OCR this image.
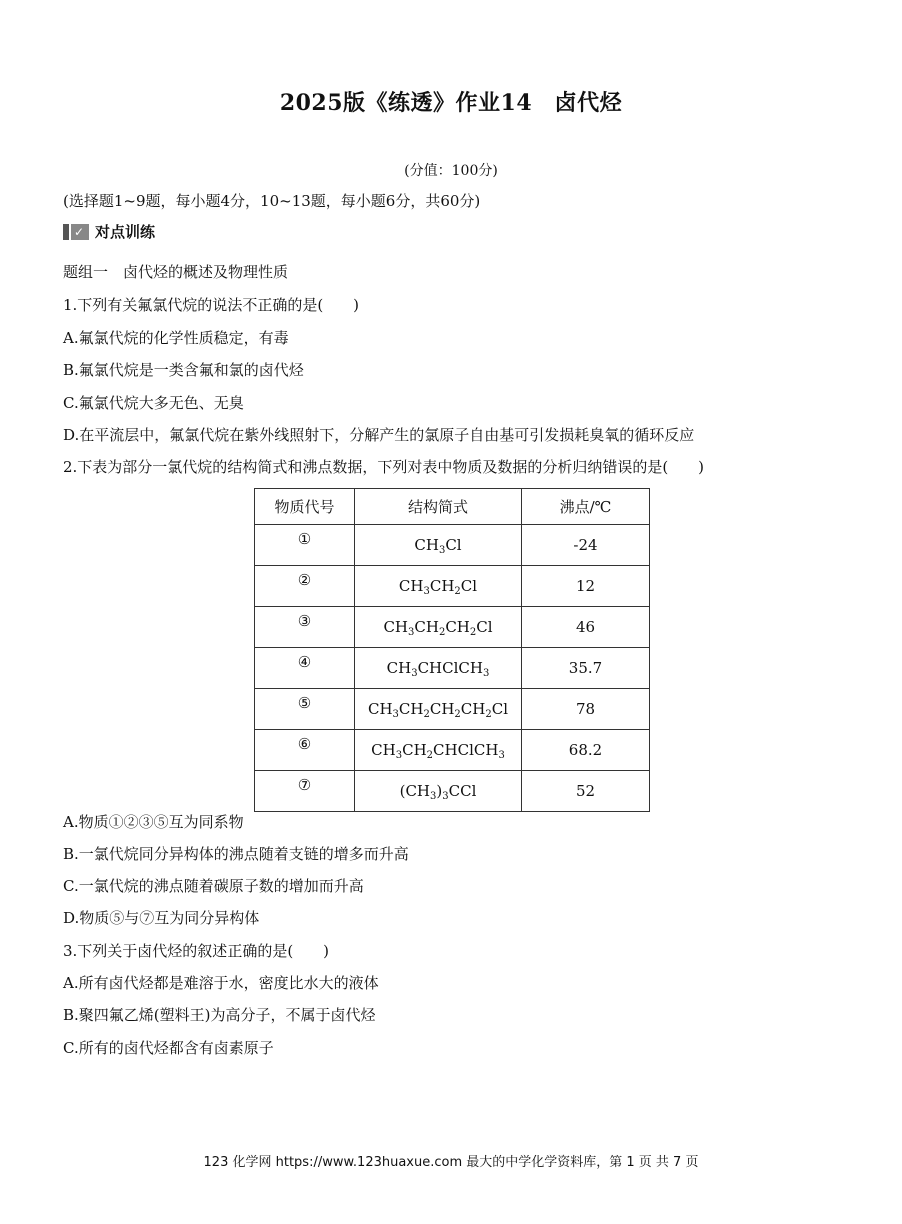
2025版《练透》作业14　卤代烃
(分值：100分)
(选择题1~9题，每小题4分，10~13题，每小题6分，共60分)
✓ 对点训练
题组一　卤代烃的概述及物理性质
1.下列有关氟氯代烷的说法不正确的是(　　)
A.氟氯代烷的化学性质稳定，有毒
B.氟氯代烷是一类含氟和氯的卤代烃
C.氟氯代烷大多无色、无臭
D.在平流层中，氟氯代烷在紫外线照射下，分解产生的氯原子自由基可引发损耗臭氧的循环反应
2.下表为部分一氯代烷的结构简式和沸点数据，下列对表中物质及数据的分析归纳错误的是(　　)
物质代号	结构简式	沸点/℃
①	$CH_3Cl$	-24
②	$CH_3CH_2Cl$	12
③	$CH_3CH_2CH_2Cl$	46
④	$CH_3CHClCH_3$	35.7
⑤	$CH_3CH_2CH_2CH_2Cl$	78
⑥	$CH_3CH_2CHClCH_3$	68.2
⑦	$(CH_3)_3CCl$	52
A.物质①②③⑤互为同系物
B.一氯代烷同分异构体的沸点随着支链的增多而升高
C.一氯代烷的沸点随着碳原子数的增加而升高
D.物质⑤与⑦互为同分异构体
3.下列关于卤代烃的叙述正确的是(　　)
A.所有卤代烃都是难溶于水，密度比水大的液体
B.聚四氟乙烯(塑料王)为高分子，不属于卤代烃
C.所有的卤代烃都含有卤素原子
123 化学网 https://www.123huaxue.com 最大的中学化学资料库，第 1 页 共 7 页
